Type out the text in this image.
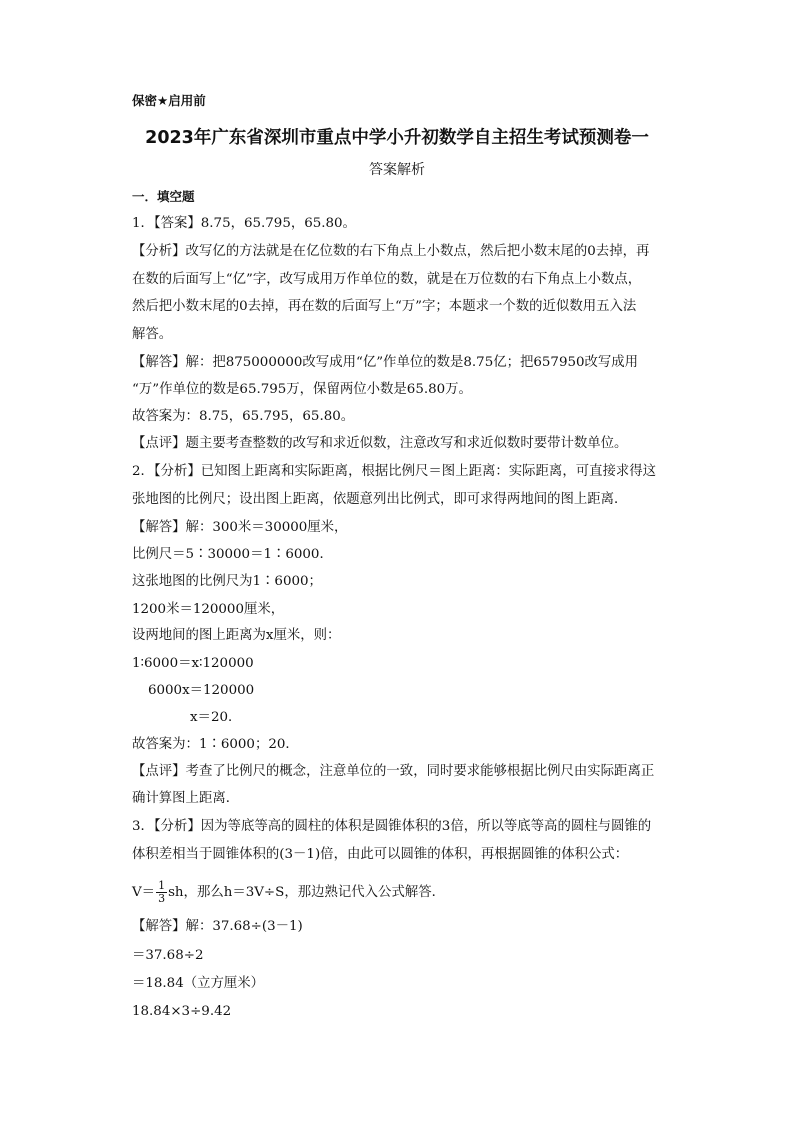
保密★启用前
2023年广东省深圳市重点中学小升初数学自主招生考试预测卷一
答案解析
一．填空题
1．【答案】8.75，65.795，65.80。
【分析】改写亿的方法就是在亿位数的右下角点上小数点，然后把小数末尾的0去掉，再
在数的后面写上“亿”字，改写成用万作单位的数，就是在万位数的右下角点上小数点，
然后把小数末尾的0去掉，再在数的后面写上“万”字；本题求一个数的近似数用五入法
解答。
【解答】解：把875000000改写成用“亿”作单位的数是8.75亿；把657950改写成用
“万”作单位的数是65.795万，保留两位小数是65.80万。
故答案为：8.75，65.795，65.80。
【点评】题主要考查整数的改写和求近似数，注意改写和求近似数时要带计数单位。
2．【分析】已知图上距离和实际距离，根据比例尺＝图上距离：实际距离，可直接求得这
张地图的比例尺；设出图上距离，依题意列出比例式，即可求得两地间的图上距离．
【解答】解：300米＝30000厘米，
比例尺＝5∶30000＝1∶6000．
这张地图的比例尺为1∶6000；
1200米＝120000厘米，
设两地间的图上距离为x厘米，则：
1∶6000＝x∶120000
6000x＝120000
x＝20．
故答案为：1∶6000；20．
【点评】考查了比例尺的概念，注意单位的一致，同时要求能够根据比例尺由实际距离正
确计算图上距离．
3．【分析】因为等底等高的圆柱的体积是圆锥体积的3倍，所以等底等高的圆柱与圆锥的
体积差相当于圆锥体积的(3－1)倍，由此可以圆锥的体积，再根据圆锥的体积公式：
$V= \frac{1}{3}$ sh，那么h＝3V÷S，那边熟记代入公式解答．
【解答】解：37.68÷(3－1)
＝37.68÷2
＝18.84（立方厘米）
18.84×3÷9.42
